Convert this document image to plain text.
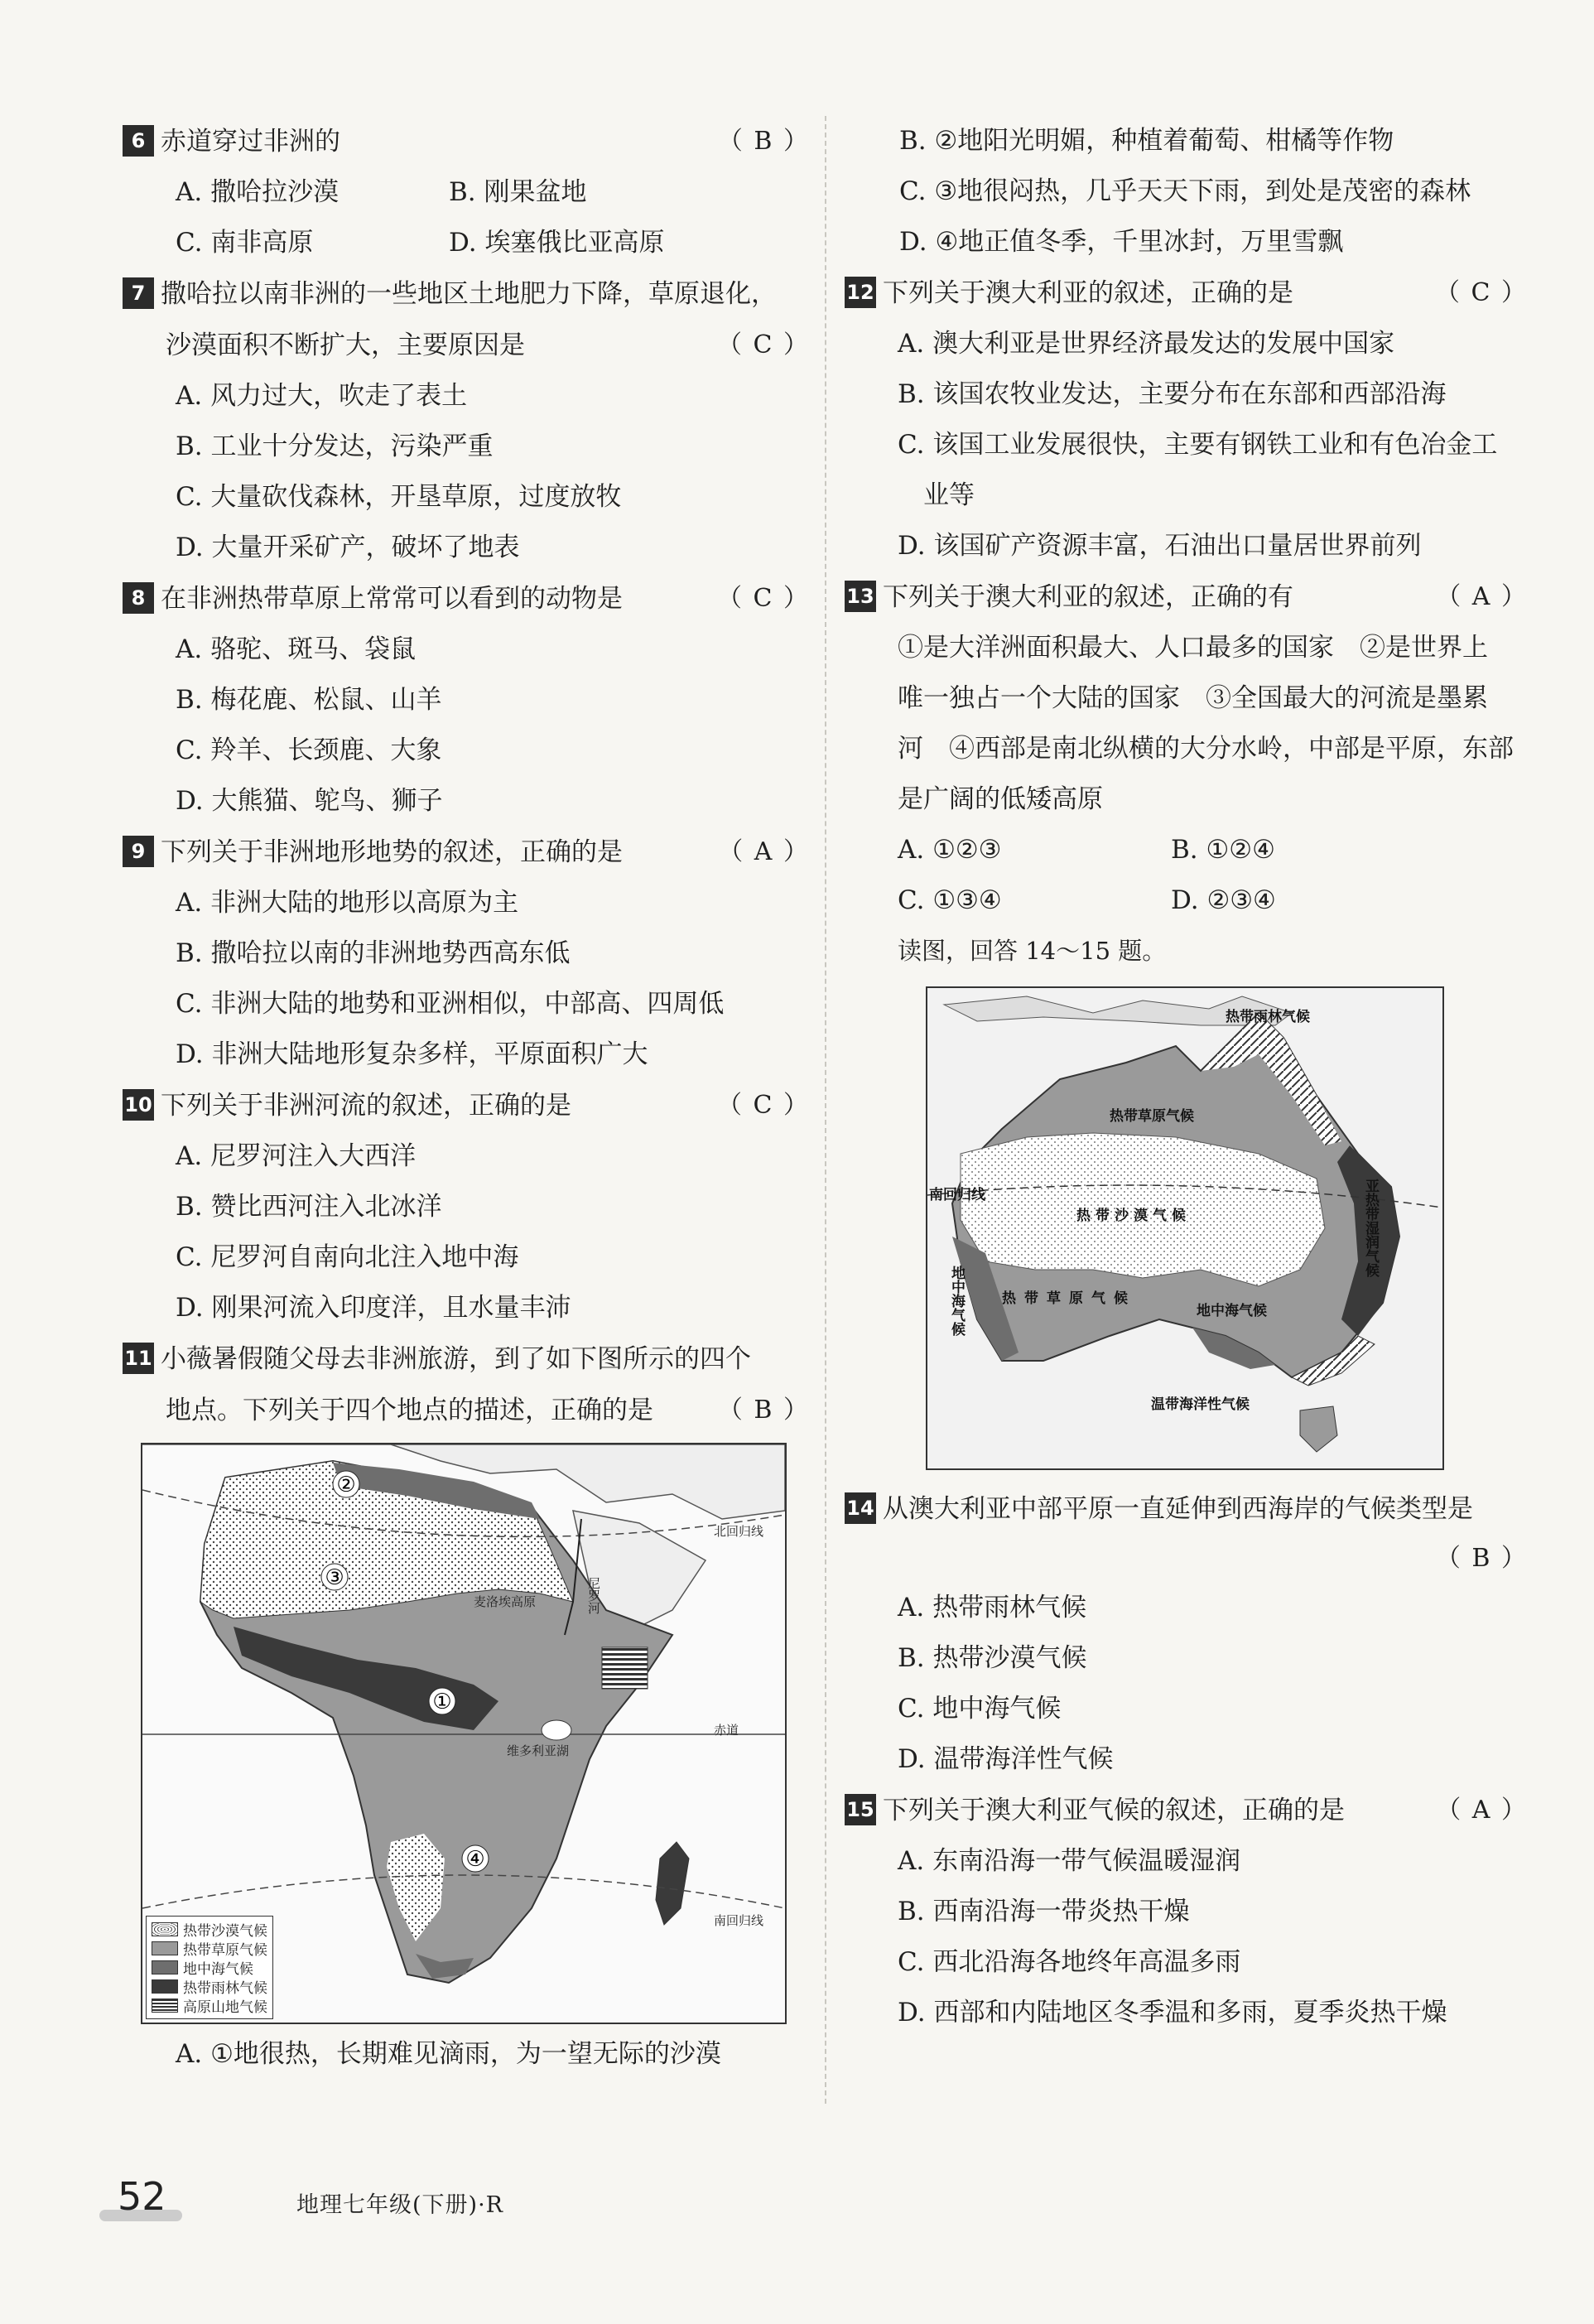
6 赤道穿过非洲的	（ B ）
A. 撒哈拉沙漠	B. 刚果盆地
C. 南非高原	D. 埃塞俄比亚高原
7 撒哈拉以南非洲的一些地区土地肥力下降，草原退化，
沙漠面积不断扩大，主要原因是	（ C ）
A. 风力过大，吹走了表土
B. 工业十分发达，污染严重
C. 大量砍伐森林，开垦草原，过度放牧
D. 大量开采矿产，破坏了地表
8 在非洲热带草原上常常可以看到的动物是	（ C ）
A. 骆驼、斑马、袋鼠
B. 梅花鹿、松鼠、山羊
C. 羚羊、长颈鹿、大象
D. 大熊猫、鸵鸟、狮子
9 下列关于非洲地形地势的叙述，正确的是	（ A ）
A. 非洲大陆的地形以高原为主
B. 撒哈拉以南的非洲地势西高东低
C. 非洲大陆的地势和亚洲相似，中部高、四周低
D. 非洲大陆地形复杂多样，平原面积广大
10 下列关于非洲河流的叙述，正确的是	（ C ）
A. 尼罗河注入大西洋
B. 赞比西河注入北冰洋
C. 尼罗河自南向北注入地中海
D. 刚果河流入印度洋，且水量丰沛
11 小薇暑假随父母去非洲旅游，到了如下图所示的四个
地点。下列关于四个地点的描述，正确的是	（ B ）
②
③
①
④
赤道
北回归线
南回归线
尼罗河
维多利亚湖
麦洛埃高原
热带沙漠气候
热带草原气候
地中海气候
热带雨林气候
高原山地气候
A. ①地很热，长期难见滴雨，为一望无际的沙漠
B. ②地阳光明媚，种植着葡萄、柑橘等作物
C. ③地很闷热，几乎天天下雨，到处是茂密的森林
D. ④地正值冬季，千里冰封，万里雪飘
12 下列关于澳大利亚的叙述，正确的是	（ C ）
A. 澳大利亚是世界经济最发达的发展中国家
B. 该国农牧业发达，主要分布在东部和西部沿海
C. 该国工业发展很快，主要有钢铁工业和有色冶金工
　业等
D. 该国矿产资源丰富，石油出口量居世界前列
13 下列关于澳大利亚的叙述，正确的有	（ A ）
①是大洋洲面积最大、人口最多的国家　②是世界上
唯一独占一个大陆的国家　③全国最大的河流是墨累
河　④西部是南北纵横的大分水岭，中部是平原，东部
是广阔的低矮高原
A. ①②③	B. ①②④
C. ①③④	D. ②③④
读图，回答 14～15 题。
热带雨林气候
热带草原气候
热带沙漠气候
南回归线	亚热带湿润气候
地中海气候	地中海气候
温带海洋性气候
热带草原气候
14 从澳大利亚中部平原一直延伸到西海岸的气候类型是
（ B ）
A. 热带雨林气候
B. 热带沙漠气候
C. 地中海气候
D. 温带海洋性气候
15 下列关于澳大利亚气候的叙述，正确的是	（ A ）
A. 东南沿海一带气候温暖湿润
B. 西南沿海一带炎热干燥
C. 西北沿海各地终年高温多雨
D. 西部和内陆地区冬季温和多雨，夏季炎热干燥
52	地理七年级(下册)·R
